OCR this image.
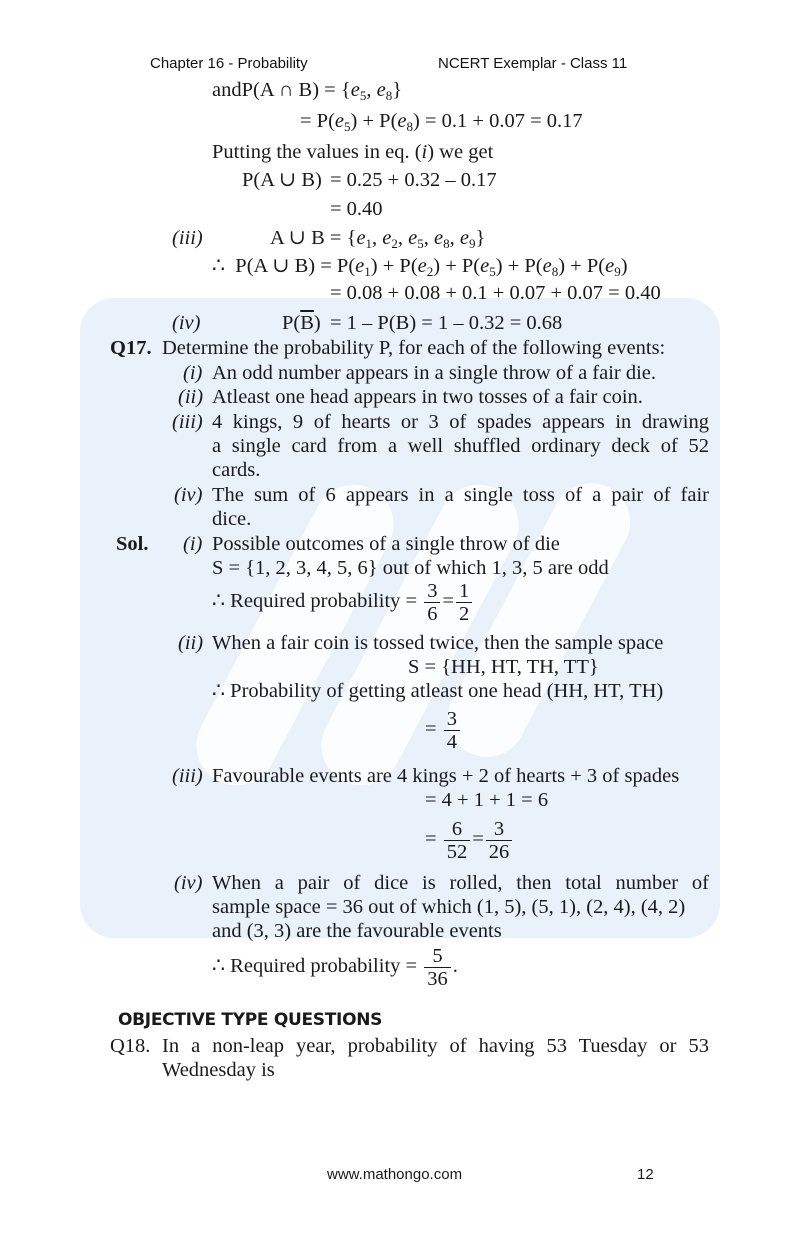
Chapter 16 - Probability	NCERT Exemplar - Class 11
andP(A ∩ $B) = \{e_5$, $e_8$}
= $P(e_5) + P(e_8) = 0.1 + 0.07 = 0.17$
Putting the values in eq. (i) we get
P(A ∪ B) = 0.25 + 0.32 – 0.17
= 0.40
(iii)	A ∪ $B = \{e_1$, $e_2$, $e_5$, $e_8$, $e_9$}
∴  P(A ∪ $B) = P(e_1) + P(e_2) + P(e_5) + P(e_8) + P(e_9)$
= 0.08 + 0.08 + 0.1 + 0.07 + 0.07 = 0.40
(iv)	$P(\overline{B}) = 1 - P(B) = 1 - 0.32 = 0.68$
Q17. Determine the probability P, for each of the following events:
(i) An odd number appears in a single throw of a fair die.
(ii) Atleast one head appears in two tosses of a fair coin.
(iii) 4 kings, 9 of hearts or 3 of spades appears in drawing
a single card from a well shuffled ordinary deck of 52
cards.
(iv) The sum of 6 appears in a single toss of a pair of fair
dice.
Sol. (i) Possible outcomes of a single throw of die
S = {1, 2, 3, 4, 5, 6} out of which 1, 3, 5 are odd
∴ Required probability = $\frac{3}{6} = \frac{1}{2}$
(ii) When a fair coin is tossed twice, then the sample space
S = {HH, HT, TH, TT}
∴ Probability of getting atleast one head (HH, HT, TH)
= $\frac{3}{4}$
(iii) Favourable events are 4 kings + 2 of hearts + 3 of spades
= 4 + 1 + 1 = 6
= $\frac{6}{52} = \frac{3}{26}$
(iv) When a pair of dice is rolled, then total number of
sample space = 36 out of which (1, 5), (5, 1), (2, 4), (4, 2)
and (3, 3) are the favourable events
∴ Required probability = $\frac{5}{36}$ .
OBJECTIVE TYPE QUESTIONS
Q18. In a non-leap year, probability of having 53 Tuesday or 53
Wednesday is
www.mathongo.com	12
